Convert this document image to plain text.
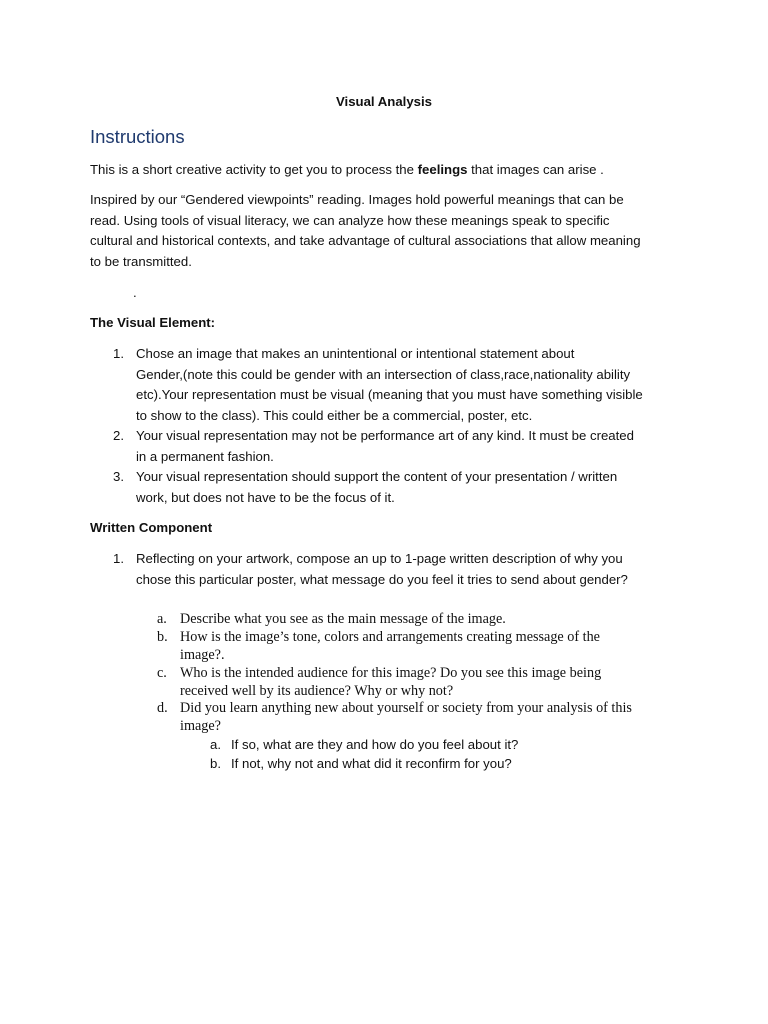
Visual Analysis
Instructions
This is a short creative activity to get you to process the feelings that images can arise .
Inspired by our “Gendered viewpoints” reading. Images hold powerful meanings that can be
read. Using tools of visual literacy, we can analyze how these meanings speak to specific
cultural and historical contexts, and take advantage of cultural associations that allow meaning
to be transmitted.
.
The Visual Element:
1. Chose an image that makes an unintentional or intentional statement about
Gender,(note this could be gender with an intersection of class,race,nationality ability
etc).Your representation must be visual (meaning that you must have something visible
to show to the class). This could either be a commercial, poster, etc.
2. Your visual representation may not be performance art of any kind. It must be created
in a permanent fashion.
3. Your visual representation should support the content of your presentation / written
work, but does not have to be the focus of it.
Written Component
1. Reflecting on your artwork, compose an up to 1-page written description of why you
chose this particular poster, what message do you feel it tries to send about gender?
a. Describe what you see as the main message of the image.
b. How is the image’s tone, colors and arrangements creating message of the
image?.
c. Who is the intended audience for this image? Do you see this image being
received well by its audience? Why or why not?
d. Did you learn anything new about yourself or society from your analysis of this
image?
a. If so, what are they and how do you feel about it?
b. If not, why not and what did it reconfirm for you?
